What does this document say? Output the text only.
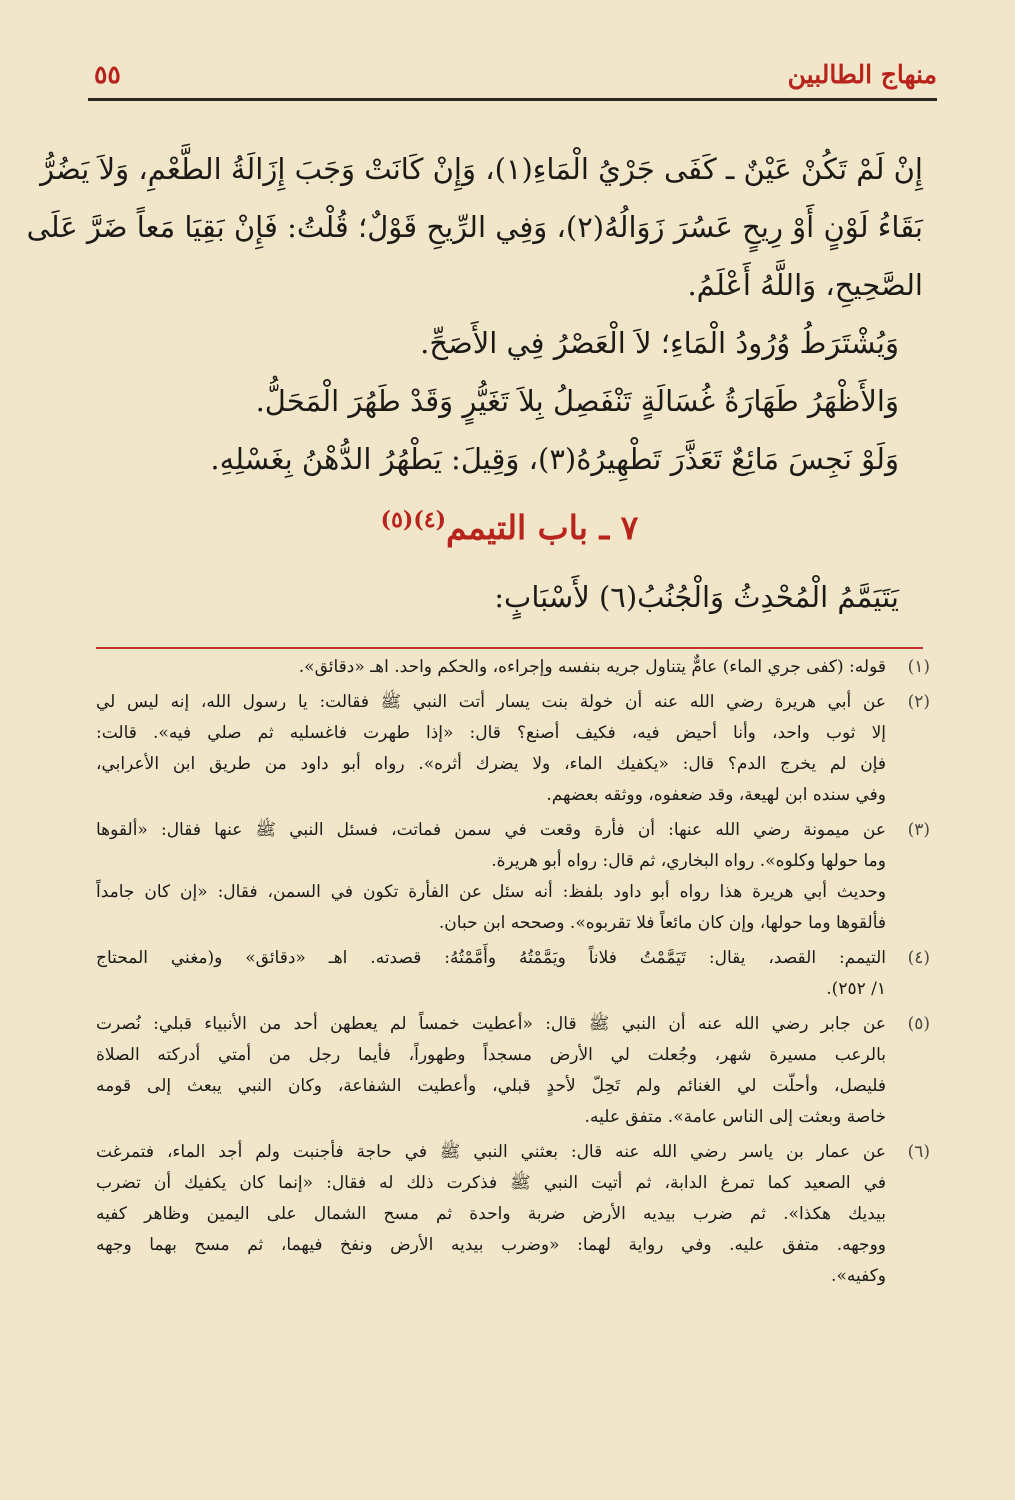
منهاج الطالبين
٥٥
إِنْ لَمْ تَكُنْ عَيْنٌ ـ كَفَى جَرْيُ الْمَاءِ(١)، وَإِنْ كَانَتْ وَجَبَ إِزَالَةُ الطَّعْمِ، وَلاَ يَضُرُّ
بَقَاءُ لَوْنٍ أَوْ رِيحٍ عَسُرَ زَوَالُهُ(٢)، وَفِي الرِّيحِ قَوْلٌ؛ قُلْتُ: فَإِنْ بَقِيَا مَعاً ضَرَّ عَلَى
الصَّحِيحِ، وَاللَّهُ أَعْلَمُ.
وَيُشْتَرَطُ وُرُودُ الْمَاءِ؛ لاَ الْعَصْرُ فِي الأَصَحِّ.
وَالأَظْهَرُ طَهَارَةُ غُسَالَةٍ تَنْفَصِلُ بِلاَ تَغَيُّرٍ وَقَدْ طَهُرَ الْمَحَلُّ.
وَلَوْ نَجِسَ مَائِعٌ تَعَذَّرَ تَطْهِيرُهُ(٣)، وَقِيلَ: يَطْهُرُ الدُّهْنُ بِغَسْلِهِ.
٧ ـ باب التيمم$^{(٤)(٥)}$
يَتَيَمَّمُ الْمُحْدِثُ وَالْجُنُبُ(٦) لأَسْبَابٍ:
(١)
قوله: (كفى جري الماء) عامٌّ يتناول جريه بنفسه وإجراءه، والحكم واحد. اهـ «دقائق».
(٢)
عن أبي هريرة رضي الله عنه أن خولة بنت يسار أتت النبي ﷺ فقالت: يا رسول الله، إنه ليس لي
إلا ثوب واحد، وأنا أحيض فيه، فكيف أصنع؟ قال: «إذا طهرت فاغسليه ثم صلي فيه». قالت:
فإن لم يخرج الدم؟ قال: «يكفيك الماء، ولا يضرك أثره». رواه أبو داود من طريق ابن الأعرابي،
وفي سنده ابن لهيعة، وقد ضعفوه، ووثقه بعضهم.
(٣)
عن ميمونة رضي الله عنها: أن فأرة وقعت في سمن فماتت، فسئل النبي ﷺ عنها فقال: «ألقوها
وما حولها وكلوه». رواه البخاري، ثم قال: رواه أبو هريرة.
وحديث أبي هريرة هذا رواه أبو داود بلفظ: أنه سئل عن الفأرة تكون في السمن، فقال: «إن كان جامداً
فألقوها وما حولها، وإن كان مائعاً فلا تقربوه». وصححه ابن حبان.
(٤)
التيمم: القصد، يقال: تَيَمَّمْتُ فلاناً ويَمَّمْتُهُ وأَمَّمْتُهُ: قصدته. اهـ «دقائق» و(مغني المحتاج
١/ ٢٥٢).
(٥)
عن جابر رضي الله عنه أن النبي ﷺ قال: «أعطيت خمساً لم يعطهن أحد من الأنبياء قبلي: نُصرت
بالرعب مسيرة شهر، وجُعلت لي الأرض مسجداً وطهوراً، فأيما رجل من أمتي أدركته الصلاة
فليصل، وأحلّت لي الغنائم ولم تَحِلّ لأحدٍ قبلي، وأعطيت الشفاعة، وكان النبي يبعث إلى قومه
خاصة وبعثت إلى الناس عامة». متفق عليه.
(٦)
عن عمار بن ياسر رضي الله عنه قال: بعثني النبي ﷺ في حاجة فأجنبت ولم أجد الماء، فتمرغت
في الصعيد كما تمرغ الدابة، ثم أتيت النبي ﷺ فذكرت ذلك له فقال: «إنما كان يكفيك أن تضرب
بيديك هكذا». ثم ضرب بيديه الأرض ضربة واحدة ثم مسح الشمال على اليمين وظاهر كفيه
ووجهه. متفق عليه. وفي رواية لهما: «وضرب بيديه الأرض ونفخ فيهما، ثم مسح بهما وجهه
وكفيه».
